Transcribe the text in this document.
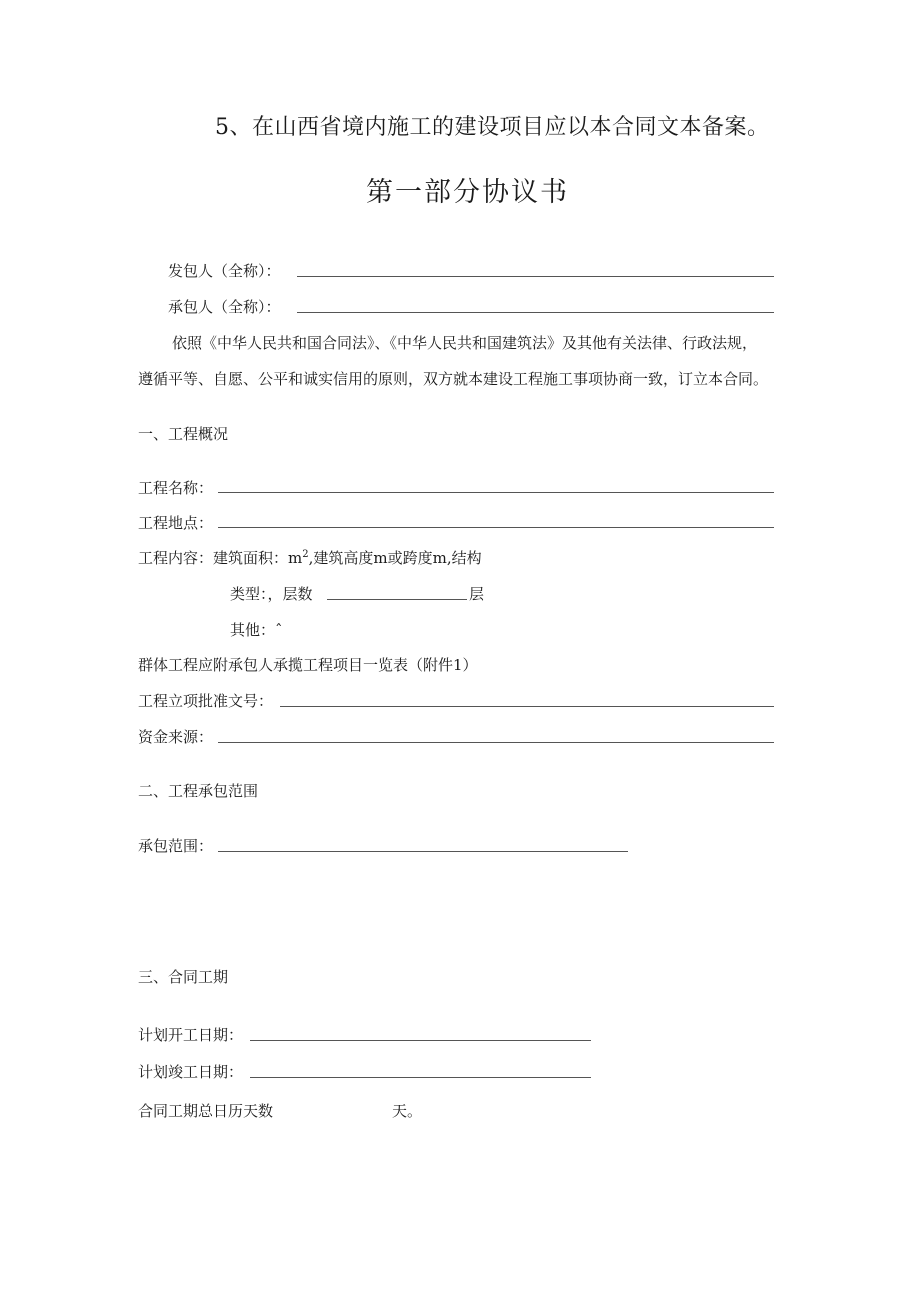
5、在山西省境内施工的建设项目应以本合同文本备案。
第一部分协议书
发包人（全称）：
承包人（全称）：
依照《中华人民共和国合同法》、《中华人民共和国建筑法》及其他有关法律、行政法规，
遵循平等、自愿、公平和诚实信用的原则，双方就本建设工程施工事项协商一致，订立本合同。
一、工程概况
工程名称：
工程地点：
工程内容：建筑面积：$m^2$,建筑高度m或跨度m,结构
类型：，层数	层
其他：ˆ
群体工程应附承包人承揽工程项目一览表（附件1）
工程立项批准文号：
资金来源：
二、工程承包范围
承包范围：
三、合同工期
计划开工日期：
计划竣工日期：
合同工期总日历天数	天。
